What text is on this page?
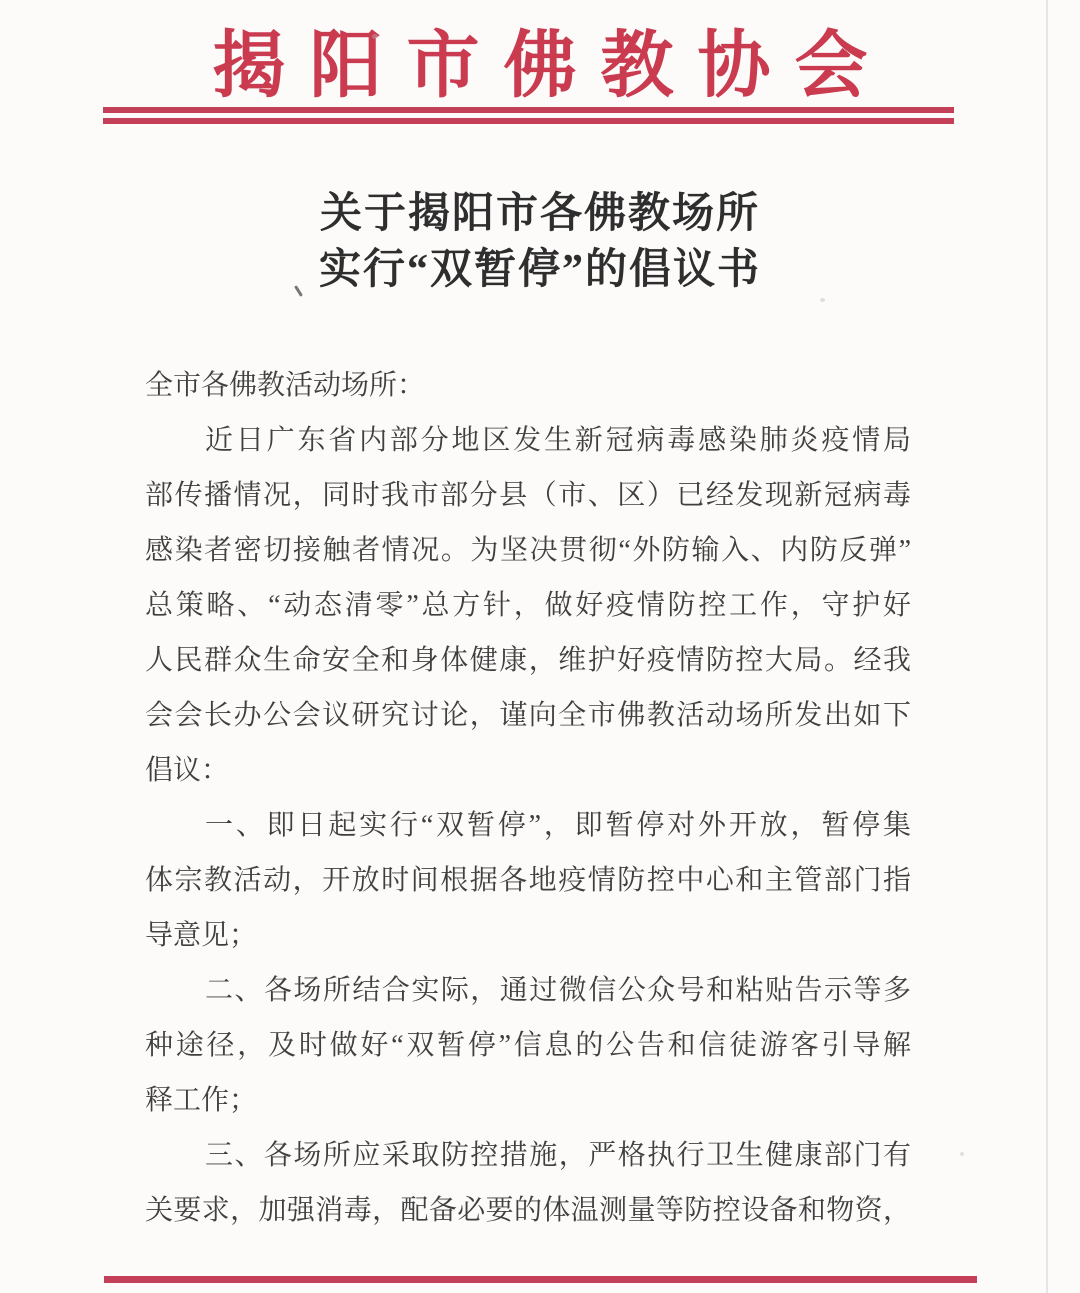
揭阳市佛教协会
关于揭阳市各佛教场所
实行“双暂停”的倡议书
全市各佛教活动场所：
近日广东省内部分地区发生新冠病毒感染肺炎疫情局
部传播情况，同时我市部分县（市、区）已经发现新冠病毒
感染者密切接触者情况。为坚决贯彻“外防输入、内防反弹”
总策略、“动态清零”总方针，做好疫情防控工作，守护好
人民群众生命安全和身体健康，维护好疫情防控大局。经我
会会长办公会议研究讨论，谨向全市佛教活动场所发出如下
倡议：
一、即日起实行“双暂停”，即暂停对外开放，暂停集
体宗教活动，开放时间根据各地疫情防控中心和主管部门指
导意见；
二、各场所结合实际，通过微信公众号和粘贴告示等多
种途径，及时做好“双暂停”信息的公告和信徒游客引导解
释工作；
三、各场所应采取防控措施，严格执行卫生健康部门有
关要求，加强消毒，配备必要的体温测量等防控设备和物资，
